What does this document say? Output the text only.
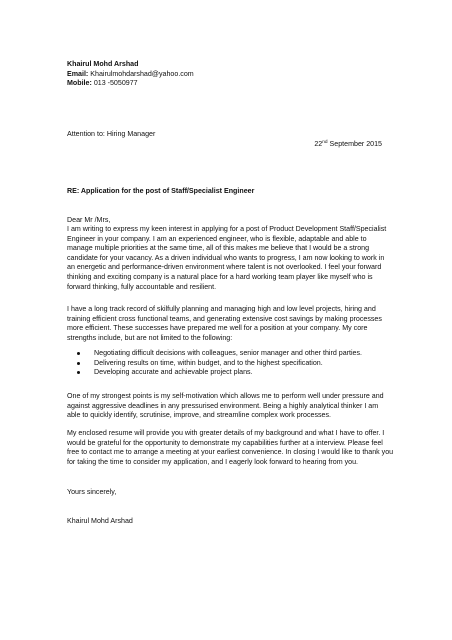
Khairul Mohd Arshad
Email: Khairulmohdarshad@yahoo.com
Mobile: 013 -5050977
Attention to: Hiring Manager
22nd September 2015
RE: Application for the post of Staff/Specialist Engineer
Dear Mr /Mrs,
I am writing to express my keen interest in applying for a post of Product Development Staff/Specialist
Engineer in your company. I am an experienced engineer, who is flexible, adaptable and able to
manage multiple priorities at the same time, all of this makes me believe that I would be a strong
candidate for your vacancy. As a driven individual who wants to progress, I am now looking to work in
an energetic and performance-driven environment where talent is not overlooked. I feel your forward
thinking and exciting company is a natural place for a hard working team player like myself who is
forward thinking, fully accountable and resilient.
I have a long track record of skilfully planning and managing high and low level projects, hiring and
training efficient cross functional teams, and generating extensive cost savings by making processes
more efficient. These successes have prepared me well for a position at your company. My core
strengths include, but are not limited to the following:
Negotiating difficult decisions with colleagues, senior manager and other third parties.
Delivering results on time, within budget, and to the highest specification.
Developing accurate and achievable project plans.
One of my strongest points is my self-motivation which allows me to perform well under pressure and
against aggressive deadlines in any pressurised environment. Being a highly analytical thinker I am
able to quickly identify, scrutinise, improve, and streamline complex work processes.
My enclosed resume will provide you with greater details of my background and what I have to offer. I
would be grateful for the opportunity to demonstrate my capabilities further at a interview. Please feel
free to contact me to arrange a meeting at your earliest convenience. In closing I would like to thank you
for taking the time to consider my application, and I eagerly look forward to hearing from you.
Yours sincerely,
Khairul Mohd Arshad
